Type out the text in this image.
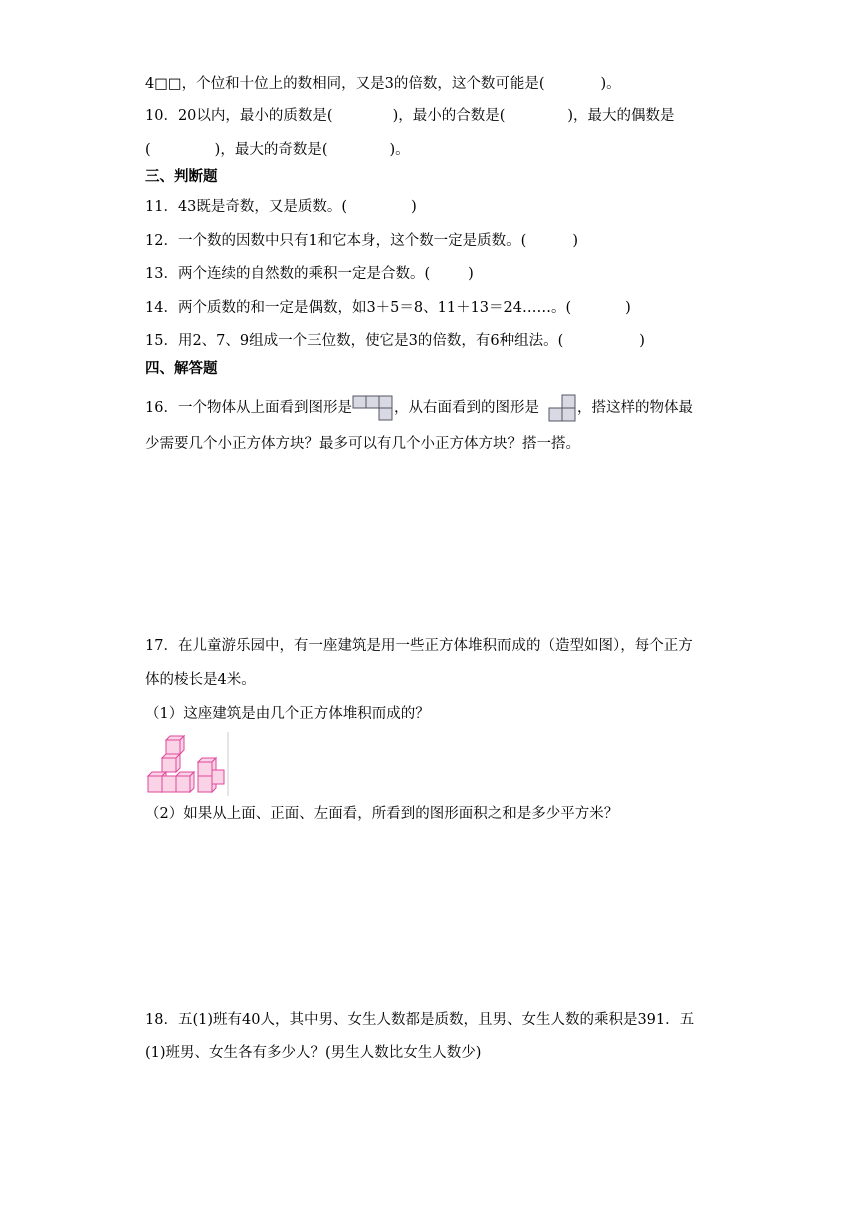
4□□，个位和十位上的数相同，又是3的倍数，这个数可能是(	)。
10．20以内，最小的质数是(	)，最小的合数是(	)，最大的偶数是
(	)，最大的奇数是(	)。
三、判断题
11．43既是奇数，又是质数。(	)
12．一个数的因数中只有1和它本身，这个数一定是质数。(	)
13．两个连续的自然数的乘积一定是合数。(	)
14．两个质数的和一定是偶数，如3＋5＝8、11＋13＝24……。(	)
15．用2、7、9组成一个三位数，使它是3的倍数，有6种组法。(	)
四、解答题
16．一个物体从上面看到图形是	，从右面看到的图形是	，搭这样的物体最
少需要几个小正方体方块？最多可以有几个小正方体方块？搭一搭。
17．在儿童游乐园中，有一座建筑是用一些正方体堆积而成的（造型如图），每个正方
体的棱长是4米。
（1）这座建筑是由几个正方体堆积而成的？
（2）如果从上面、正面、左面看，所看到的图形面积之和是多少平方米？
18．五(1)班有40人，其中男、女生人数都是质数，且男、女生人数的乘积是391．五
(1)班男、女生各有多少人？(男生人数比女生人数少)
